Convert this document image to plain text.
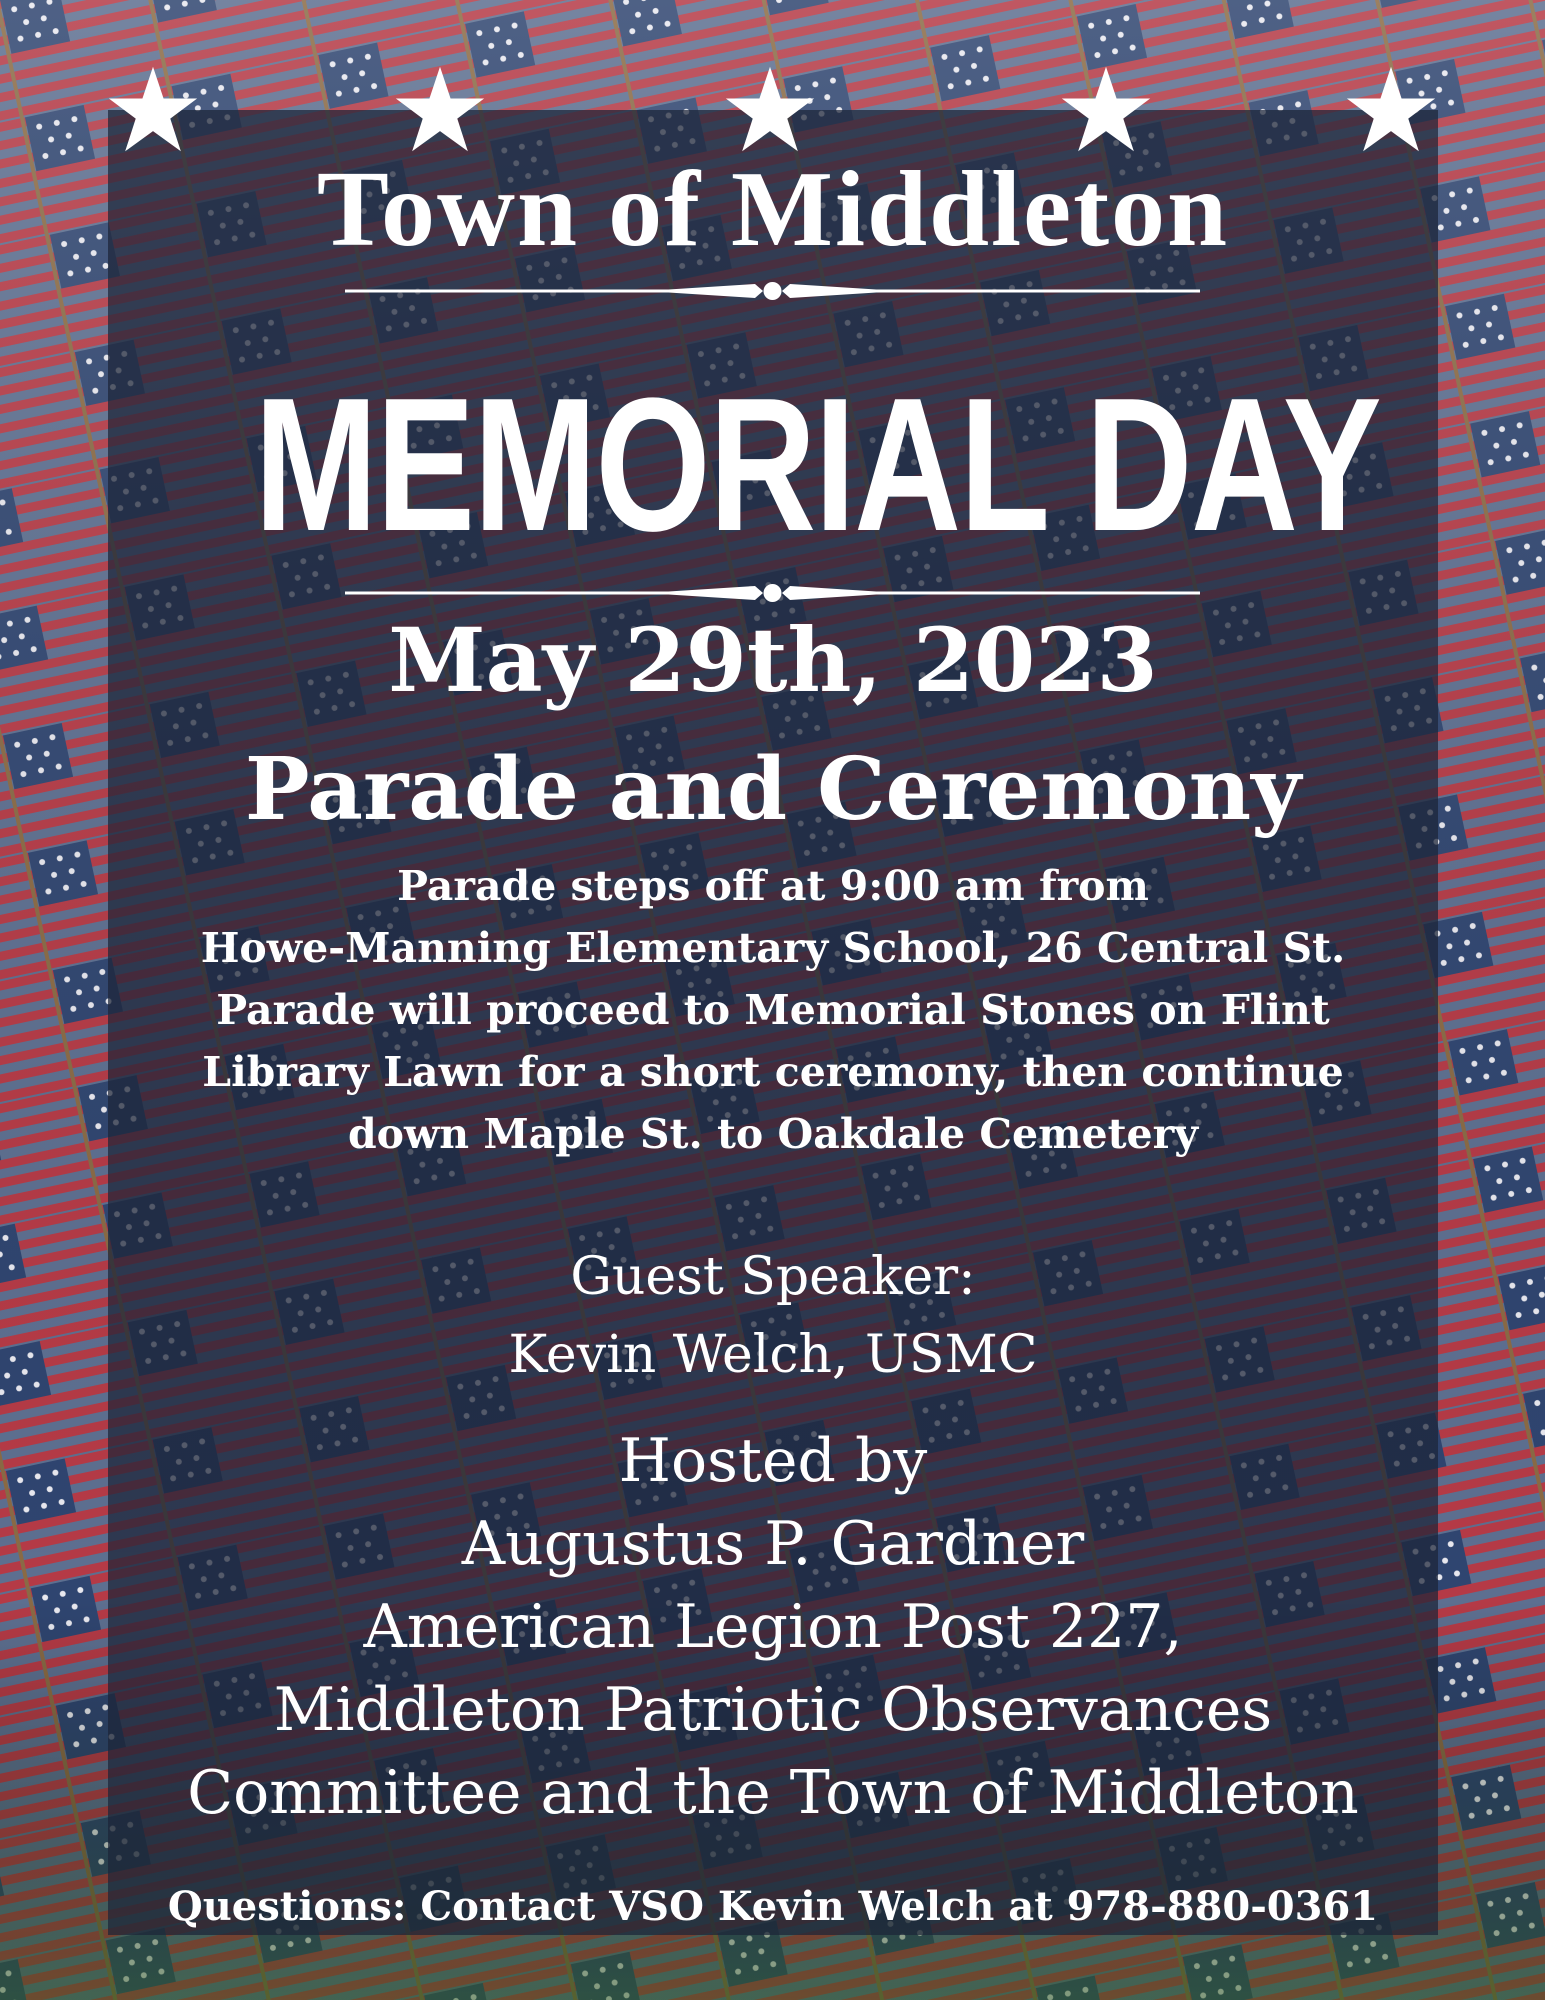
Town of Middleton
MEMORIAL DAY
May 29th, 2023
Parade and Ceremony
Parade steps off at 9:00 am from
Howe-Manning Elementary School, 26 Central St.
Parade will proceed to Memorial Stones on Flint
Library Lawn for a short ceremony, then continue
down Maple St. to Oakdale Cemetery
Guest Speaker:
Kevin Welch, USMC
Hosted by
Augustus P. Gardner
American Legion Post 227,
Middleton Patriotic Observances
Committee and the Town of Middleton
Questions: Contact VSO Kevin Welch at 978-880-0361
